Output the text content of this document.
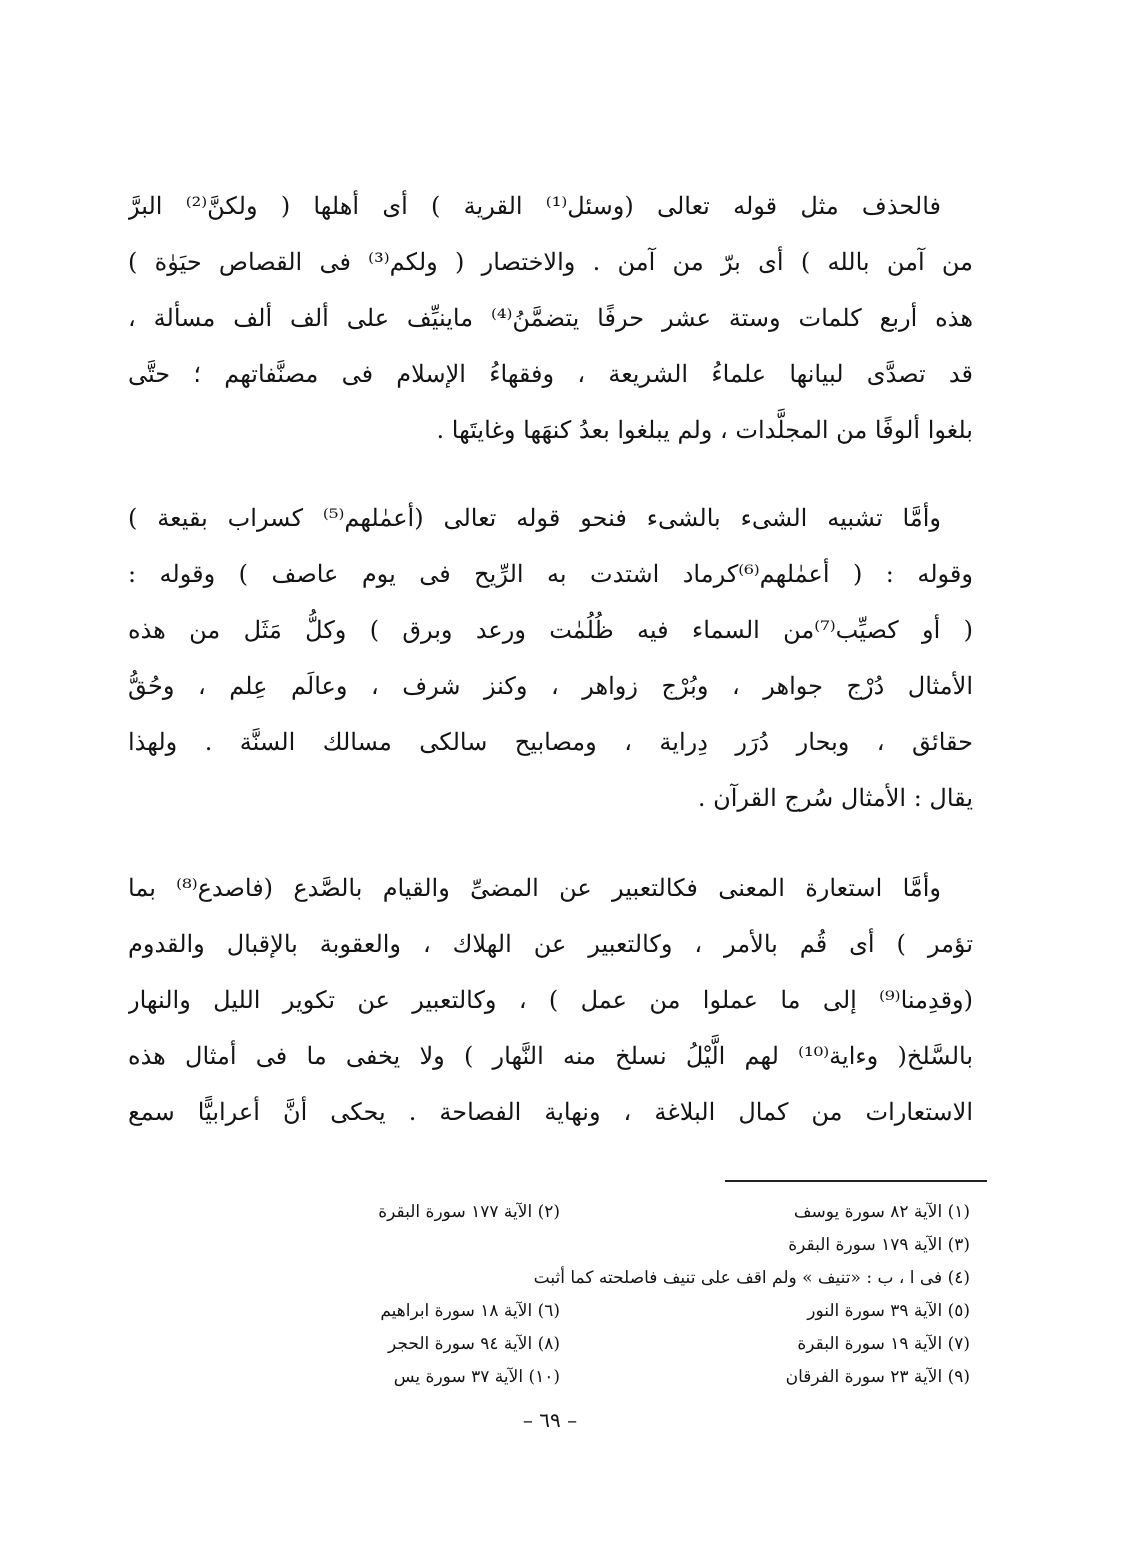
فالحذف مثل قوله تعالى (وسئل⁽¹⁾ القرية ) أى أهلها ( ولكنَّ⁽²⁾ البرَّ
من آمن بالله ) أى برّ من آمن . والاختصار ( ولكم⁽³⁾ فى القصاص حيَوٰة )
هذه أربع كلمات وستة عشر حرفًا يتضمَّنُ⁽⁴⁾ ماينيِّف على ألف ألف مسألة ،
قد تصدَّى لبيانها علماءُ الشريعة ، وفقهاءُ الإسلام فى مصنَّفاتهم ؛ حتَّى
بلغوا ألوفًا من المجلَّدات ، ولم يبلغوا بعدُ كنهَها وغايتَها .
وأمَّا تشبيه الشىء بالشىء فنحو قوله تعالى (أعمٰلهم⁽⁵⁾ كسراب بقيعة )
وقوله : ( أعمٰلهم⁽⁶⁾كرماد اشتدت به الرِّيح فى يوم عاصف ) وقوله :
( أو كصيِّب⁽⁷⁾من السماء فيه ظُلُمٰت ورعد وبرق ) وكلُّ مَثَل من هذه
الأمثال دُرْج جواهر ، وبُرْج زواهر ، وكنز شرف ، وعالَم عِلم ، وحُقُّ
حقائق ، وبحار دُرَر دِراية ، ومصابيح سالكى مسالك السنَّة . ولهذا
يقال : الأمثال سُرج القرآن .
وأمَّا استعارة المعنى فكالتعبير عن المضىِّ والقيام بالصَّدع (فاصدع⁽⁸⁾ بما
تؤمر ) أى قُم بالأمر ، وكالتعبير عن الهلاك ، والعقوبة بالإقبال والقدوم
(وقدِمنا⁽⁹⁾ إلى ما عملوا من عمل ) ، وكالتعبير عن تكوير الليل والنهار
بالسَّلخ( وءاية⁽¹⁰⁾ لهم الَّيْلُ نسلخ منه النَّهار ) ولا يخفى ما فى أمثال هذه
الاستعارات من كمال البلاغة ، ونهاية الفصاحة . يحكى أنَّ أعرابيًّا سمع
(١) الآية ٨٢ سورة يوسف
(٢) الآية ١٧٧ سورة البقرة
(٣) الآية ١٧٩ سورة البقرة
(٤) فى ا ، ب : «تنيف » ولم اقف على تنيف فاصلحته كما أثبت
(٥) الآية ٣٩ سورة النور
(٦) الآية ١٨ سورة ابراهيم
(٧) الآية ١٩ سورة البقرة
(٨) الآية ٩٤ سورة الحجر
(٩) الآية ٢٣ سورة الفرقان
(١٠) الآية ٣٧ سورة يس
– ٦٩ –
